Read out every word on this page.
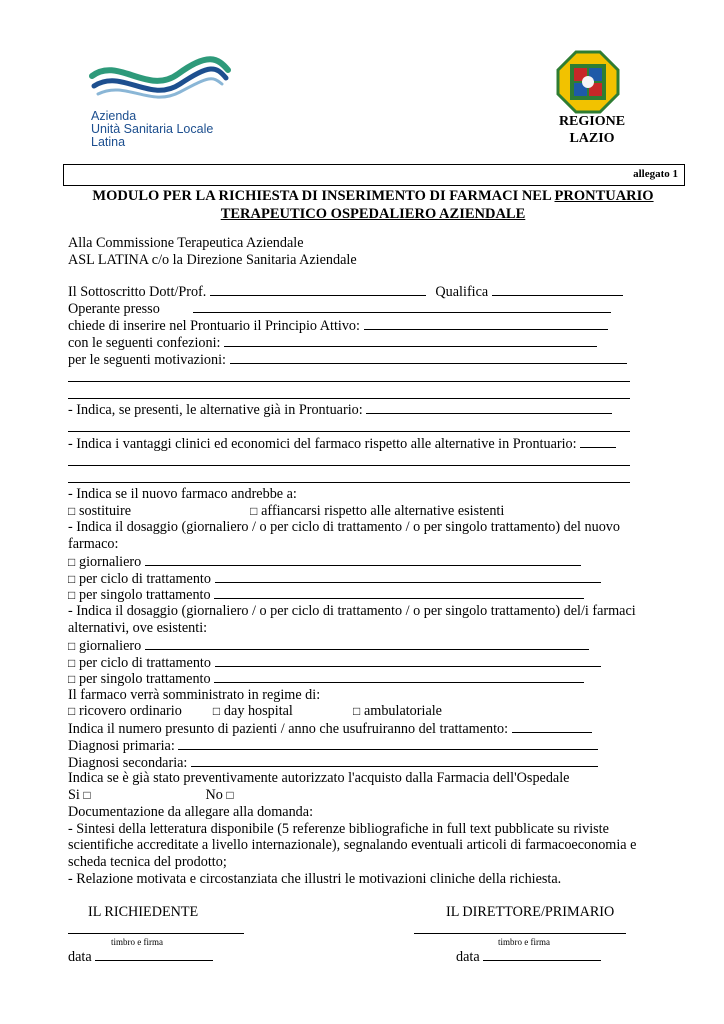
Azienda
Unità Sanitaria Locale
Latina
REGIONE
LAZIO
allegato 1
MODULO PER LA RICHIESTA DI INSERIMENTO DI FARMACI NEL PRONTUARIO
TERAPEUTICO OSPEDALIERO AZIENDALE
Alla Commissione Terapeutica Aziendale
ASL LATINA c/o la Direzione Sanitaria Aziendale
Il Sottoscritto Dott/Prof.	Qualifica
Operante presso
chiede di inserire nel Prontuario il Principio Attivo:
con le seguenti confezioni:
per le seguenti motivazioni:
- Indica, se presenti, le alternative già in Prontuario:
- Indica i vantaggi clinici ed economici del farmaco rispetto alle alternative in Prontuario:
- Indica se il nuovo farmaco andrebbe a:
□ sostituire	□ affiancarsi rispetto alle alternative esistenti
- Indica il dosaggio (giornaliero / o per ciclo di trattamento / o per singolo trattamento) del nuovo
farmaco:
□ giornaliero
□ per ciclo di trattamento
□ per singolo trattamento
- Indica il dosaggio (giornaliero / o per ciclo di trattamento / o per singolo trattamento) del/i farmaci
alternativi, ove esistenti:
□ giornaliero
□ per ciclo di trattamento
□ per singolo trattamento
Il farmaco verrà somministrato in regime di:
□ ricovero ordinario	□ day hospital	□ ambulatoriale
Indica il numero presunto di pazienti / anno che usufruiranno del trattamento:
Diagnosi primaria:
Diagnosi secondaria:
Indica se è già stato preventivamente autorizzato l'acquisto dalla Farmacia dell'Ospedale
Si □	No □
Documentazione da allegare alla domanda:
- Sintesi della letteratura disponibile (5 referenze bibliografiche in full text pubblicate su riviste
scientifiche accreditate a livello internazionale), segnalando eventuali articoli di farmacoeconomia e
scheda tecnica del prodotto;
- Relazione motivata e circostanziata che illustri le motivazioni cliniche della richiesta.
IL RICHIEDENTE	IL DIRETTORE/PRIMARIO
timbro e firma	timbro e firma
data	data
